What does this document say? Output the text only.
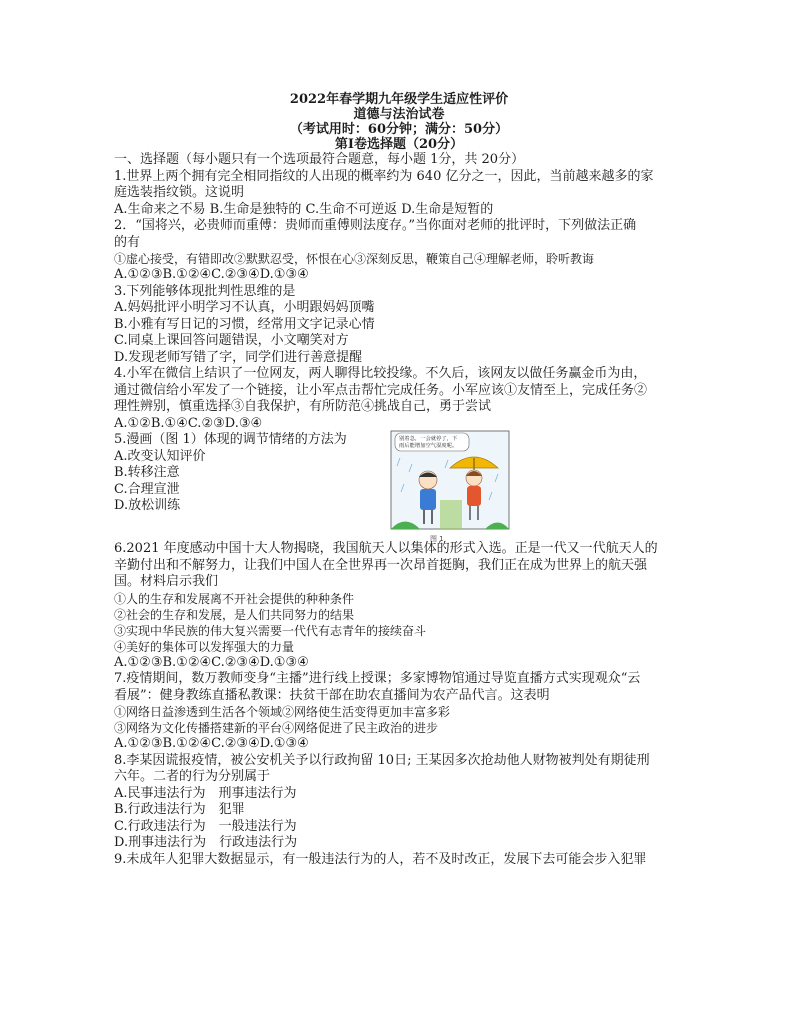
2022年春学期九年级学生适应性评价
道德与法治试卷
（考试用时：60分钟；满分：50分）
第Ⅰ卷选择题（20分）
一、选择题（每小题只有一个选项最符合题意，每小题 1分，共 20分）
1.世界上两个拥有完全相同指纹的人出现的概率约为 640 亿分之一，因此，当前越来越多的家
庭选装指纹锁。这说明
A.生命来之不易 B.生命是独特的 C.生命不可逆返 D.生命是短暂的
2．“国将兴，必贵师而重傅：贵师而重傅则法度存。”当你面对老师的批评时，下列做法正确
的有
①虚心接受，有错即改②默默忍受，怀恨在心③深刻反思，鞭策自己④理解老师，聆听教诲
A.①②③B.①②④C.②③④D.①③④
3.下列能够体现批判性思维的是
A.妈妈批评小明学习不认真，小明跟妈妈顶嘴
B.小雅有写日记的习惯，经常用文字记录心情
C.同桌上课回答问题错误，小文嘲笑对方
D.发现老师写错了字，同学们进行善意提醒
4.小军在微信上结识了一位网友，两人聊得比较投缘。不久后，该网友以做任务赢金币为由，
通过微信给小军发了一个链接，让小军点击帮忙完成任务。小军应该①友情至上，完成任务②
理性辨别，慎重选择③自我保护，有所防范④挑战自己，勇于尝试
A.①②B.①④C.②③D.③④
5.漫画（图 1）体现的调节情绪的方法为
A.改变认知评价
B.转移注意
C.合理宣泄
D.放松训练
别着急，一会就停了，下
雨后能增加空气湿度呢。
图 1
6.2021 年度感动中国十大人物揭晓，我国航天人以集体的形式入选。正是一代又一代航天人的
辛勤付出和不解努力，让我们中国人在全世界再一次昂首挺胸，我们正在成为世界上的航天强
国。材料启示我们
①人的生存和发展离不开社会提供的种种条件
②社会的生存和发展，是人们共同努力的结果
③实现中华民族的伟大复兴需要一代代有志青年的接续奋斗
④美好的集体可以发挥强大的力量
A.①②③B.①②④C.②③④D.①③④
7.疫情期间，数万教师变身“主播”进行线上授课；多家博物馆通过导览直播方式实现观众“云
看展”：健身教练直播私教课：扶贫干部在助农直播间为农产品代言。这表明
①网络日益渗透到生活各个领域②网络使生活变得更加丰富多彩
③网络为文化传播搭建新的平台④网络促进了民主政治的进步
A.①②③B.①②④C.②③④D.①③④
8.李某因谎报疫情，被公安机关予以行政拘留 10日; 王某因多次抢劫他人财物被判处有期徒刑
六年。二者的行为分别属于
A.民事违法行为　刑事违法行为
B.行政违法行为　犯罪
C.行政违法行为　一般违法行为
D.刑事违法行为　行政违法行为
9.未成年人犯罪大数据显示，有一般违法行为的人，若不及时改正，发展下去可能会步入犯罪
